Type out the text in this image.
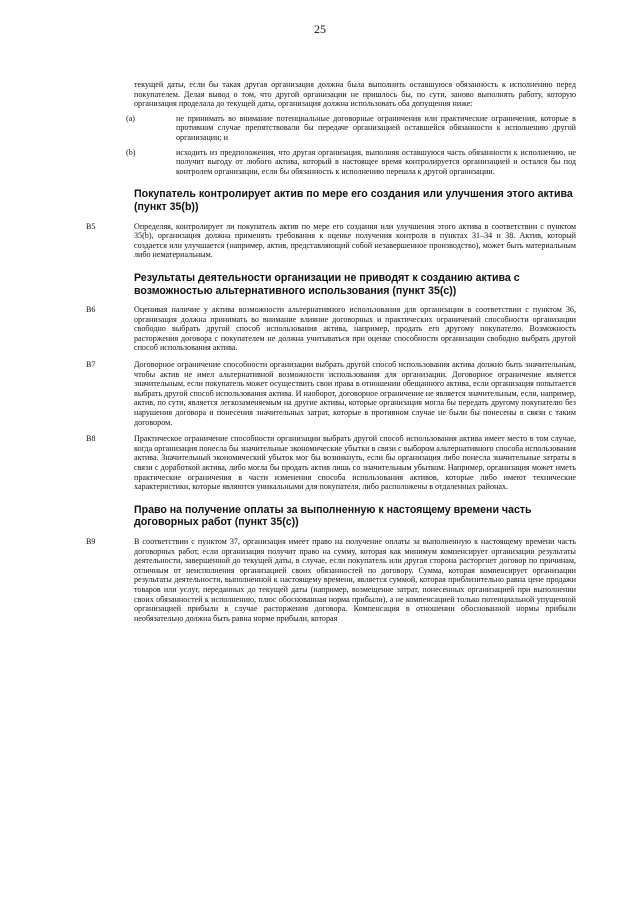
25

текущей даты, если бы такая другая организация должна была выполнить оставшуюся обязанность к исполнению перед покупателем. Делая вывод о том, что другой организации не пришлось бы, по сути, заново выполнять работу, которую организация проделала до текущей даты, организация должна использовать оба допущения ниже:

(a)	не принимать во внимание потенциальные договорные ограничения или практические ограничения, которые в противном случае препятствовали бы передаче организацией оставшейся обязанности к исполнению другой организации; и

(b)	исходить из предположения, что другая организация, выполняя оставшуюся часть обязанности к исполнению, не получит выгоду от любого актива, который в настоящее время контролируется организацией и остался бы под контролем организации, если бы обязанность к исполнению перешла к другой организации.

Покупатель контролирует актив по мере его создания или улучшения этого актива (пункт 35(b))
B5	Определяя, контролирует ли покупатель актив по мере его создания или улучшения этого актива в соответствии с пунктом 35(b), организация должна применять требования к оценке получения контроля в пунктах 31–34 и 38. Актив, который создается или улучшается (например, актив, представляющий собой незавершенное производство), может быть материальным либо нематериальным.

Результаты деятельности организации не приводят к созданию актива с возможностью альтернативного использования (пункт 35(c))
B6	Оценивая наличие у актива возможности альтернативного использования для организации в соответствии с пунктом 36, организация должна принимать во внимание влияние договорных и практических ограничений способности организации свободно выбрать другой способ использования актива, например, продать его другому покупателю. Возможность расторжения договора с покупателем не должна учитываться при оценке способности организации свободно выбрать другой способ использования актива.

B7	Договорное ограничение способности организации выбрать другой способ использования актива должно быть значительным, чтобы актив не имел альтернативной возможности использования для организации. Договорное ограничение является значительным, если покупатель может осуществить свои права в отношении обещанного актива, если организация попытается выбрать другой способ использования актива. И наоборот, договорное ограничение не является значительным, если, например, актив, по сути, является легкозаменяемым на другие активы, которые организация могла бы передать другому покупателю без нарушения договора и понесения значительных затрат, которые в противном случае не были бы понесены в связи с таким договором.

B8	Практическое ограничение способности организации выбрать другой способ использования актива имеет место в том случае, когда организация понесла бы значительные экономические убытки в связи с выбором альтернативного способа использования актива. Значительный экономический убыток мог бы возникнуть, если бы организация либо понесла значительные затраты в связи с доработкой актива, либо могла бы продать актив лишь со значительным убытком. Например, организация может иметь практические ограничения в части изменения способа использования активов, которые либо имеют технические характеристики, которые являются уникальными для покупателя, либо расположены в отдаленных районах.

Право на получение оплаты за выполненную к настоящему времени часть договорных работ (пункт 35(c))
B9	В соответствии с пунктом 37, организация имеет право на получение оплаты за выполненную к настоящему времени часть договорных работ, если организация получит право на сумму, которая как минимум компенсирует организации результаты деятельности, завершенной до текущей даты, в случае, если покупатель или другая сторона расторгнет договор по причинам, отличным от неисполнения организацией своих обязанностей по договору. Сумма, которая компенсирует организации результаты деятельности, выполненной к настоящему времени, является суммой, которая приблизительно равна цене продажи товаров или услуг, переданных до текущей даты (например, возмещение затрат, понесенных организацией при выполнении своих обязанностей к исполнению, плюс обоснованная норма прибыли), а не компенсацией только потенциальной упущенной организацией прибыли в случае расторжения договора. Компенсация в отношении обоснованной нормы прибыли необязательно должна быть равна норме прибыли, которая
